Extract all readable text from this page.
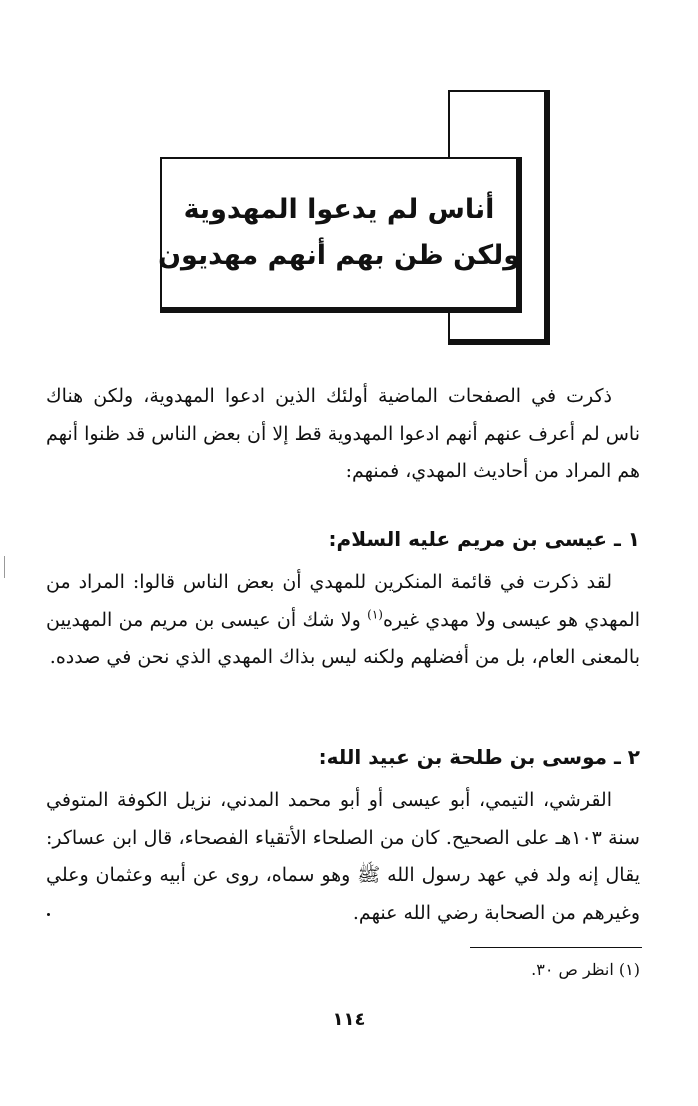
أناس لم يدعوا المهدوية
ولكن ظن بهم أنهم مهديون
ذكرت في الصفحات الماضية أولئك الذين ادعوا المهدوية، ولكن هناك ناس لم أعرف عنهم أنهم ادعوا المهدوية قط إلا أن بعض الناس قد ظنوا أنهم هم المراد من أحاديث المهدي، فمنهم:
١ ـ عيسى بن مريم عليه السلام:
لقد ذكرت في قائمة المنكرين للمهدي أن بعض الناس قالوا: المراد من المهدي هو عيسى ولا مهدي غيره$^{(١)}$ ولا شك أن عيسى بن مريم من المهديين بالمعنى العام، بل من أفضلهم ولكنه ليس بذاك المهدي الذي نحن في صدده.
٢ ـ موسى بن طلحة بن عبيد الله:
القرشي، التيمي، أبو عيسى أو أبو محمد المدني، نزيل الكوفة المتوفي سنة ١٠٣هـ على الصحيح. كان من الصلحاء الأتقياء الفصحاء، قال ابن عساكر: يقال إنه ولد في عهد رسول الله ﷺ وهو سماه، روى عن أبيه وعثمان وعلي وغيرهم من الصحابة رضي الله عنهم.
(١) انظر ص ٣٠.
١١٤
